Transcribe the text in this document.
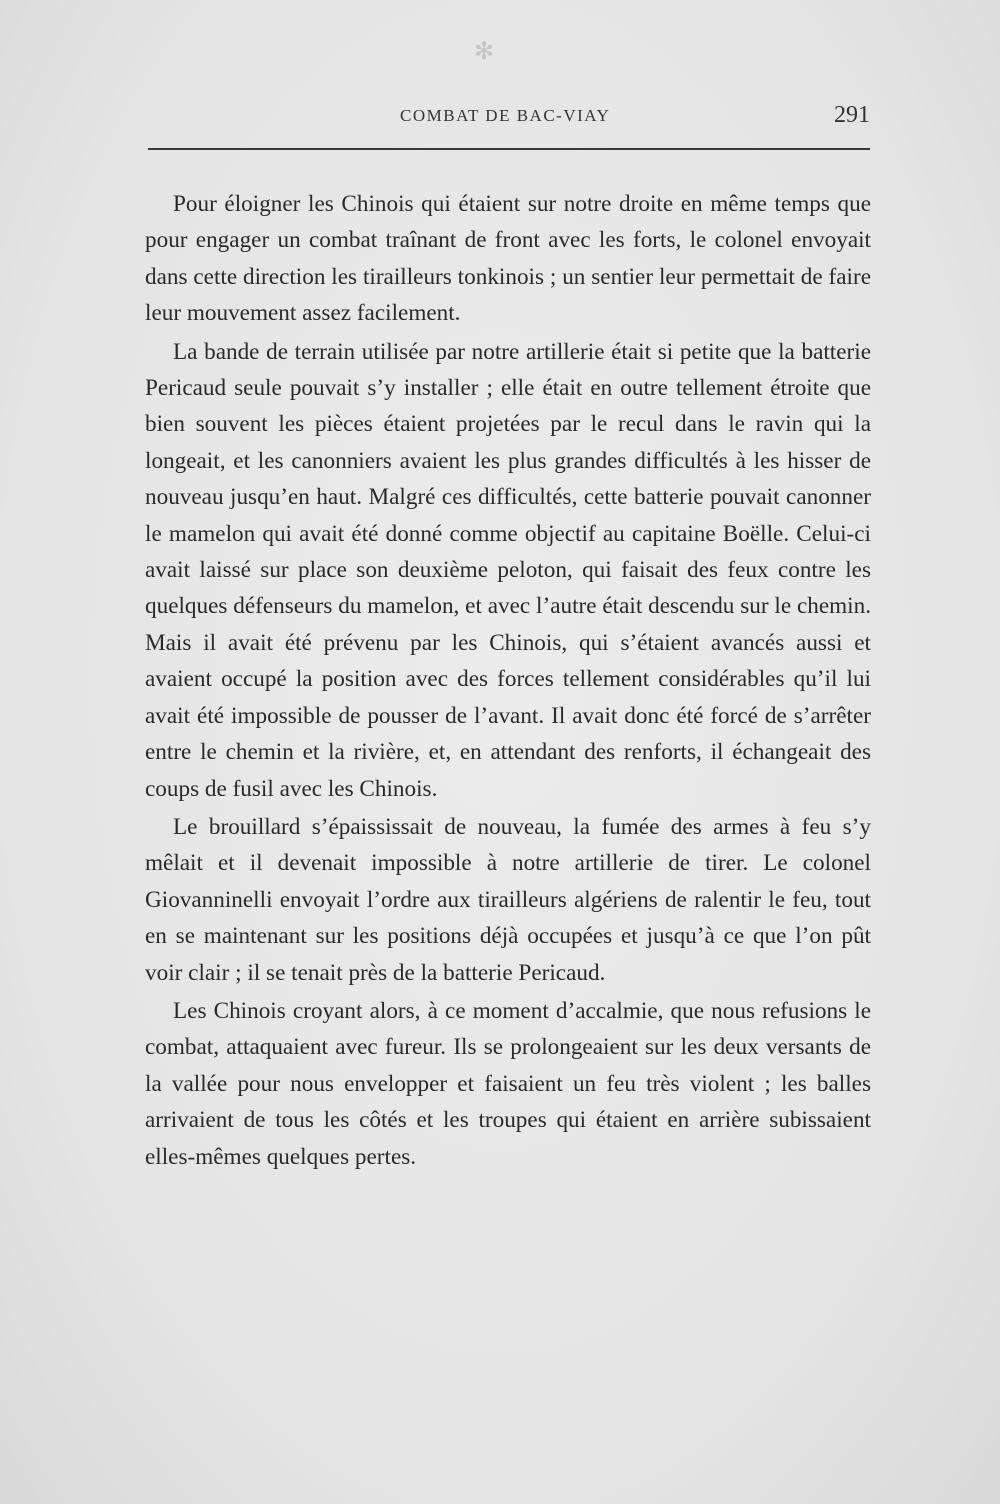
✻
COMBAT DE BAC-VIAY	291

Pour éloigner les Chinois qui étaient sur notre droite en même temps que pour engager un combat traînant de front avec les forts, le colonel envoyait dans cette direction les tirailleurs tonkinois ; un sentier leur permettait de faire leur mouvement assez facilement.

La bande de terrain utilisée par notre artillerie était si petite que la batterie Pericaud seule pouvait s’y installer ; elle était en outre tellement étroite que bien souvent les pièces étaient projetées par le recul dans le ravin qui la longeait, et les canonniers avaient les plus grandes difficultés à les hisser de nouveau jusqu’en haut. Malgré ces difficultés, cette batterie pouvait canonner le mamelon qui avait été donné comme objectif au capitaine Boëlle. Celui-ci avait laissé sur place son deuxième peloton, qui faisait des feux contre les quelques défenseurs du mamelon, et avec l’autre était descendu sur le chemin. Mais il avait été prévenu par les Chinois, qui s’étaient avancés aussi et avaient occupé la position avec des forces tellement considérables qu’il lui avait été impossible de pousser de l’avant. Il avait donc été forcé de s’arrêter entre le chemin et la rivière, et, en attendant des renforts, il échangeait des coups de fusil avec les Chinois.

Le brouillard s’épaississait de nouveau, la fumée des armes à feu s’y mêlait et il devenait impossible à notre artillerie de tirer. Le colonel Giovanninelli envoyait l’ordre aux tirailleurs algériens de ralentir le feu, tout en se maintenant sur les positions déjà occupées et jusqu’à ce que l’on pût voir clair ; il se tenait près de la batterie Pericaud.

Les Chinois croyant alors, à ce moment d’accalmie, que nous refusions le combat, attaquaient avec fureur. Ils se prolongeaient sur les deux versants de la vallée pour nous envelopper et faisaient un feu très violent ; les balles arrivaient de tous les côtés et les troupes qui étaient en arrière subissaient elles-mêmes quelques pertes.
